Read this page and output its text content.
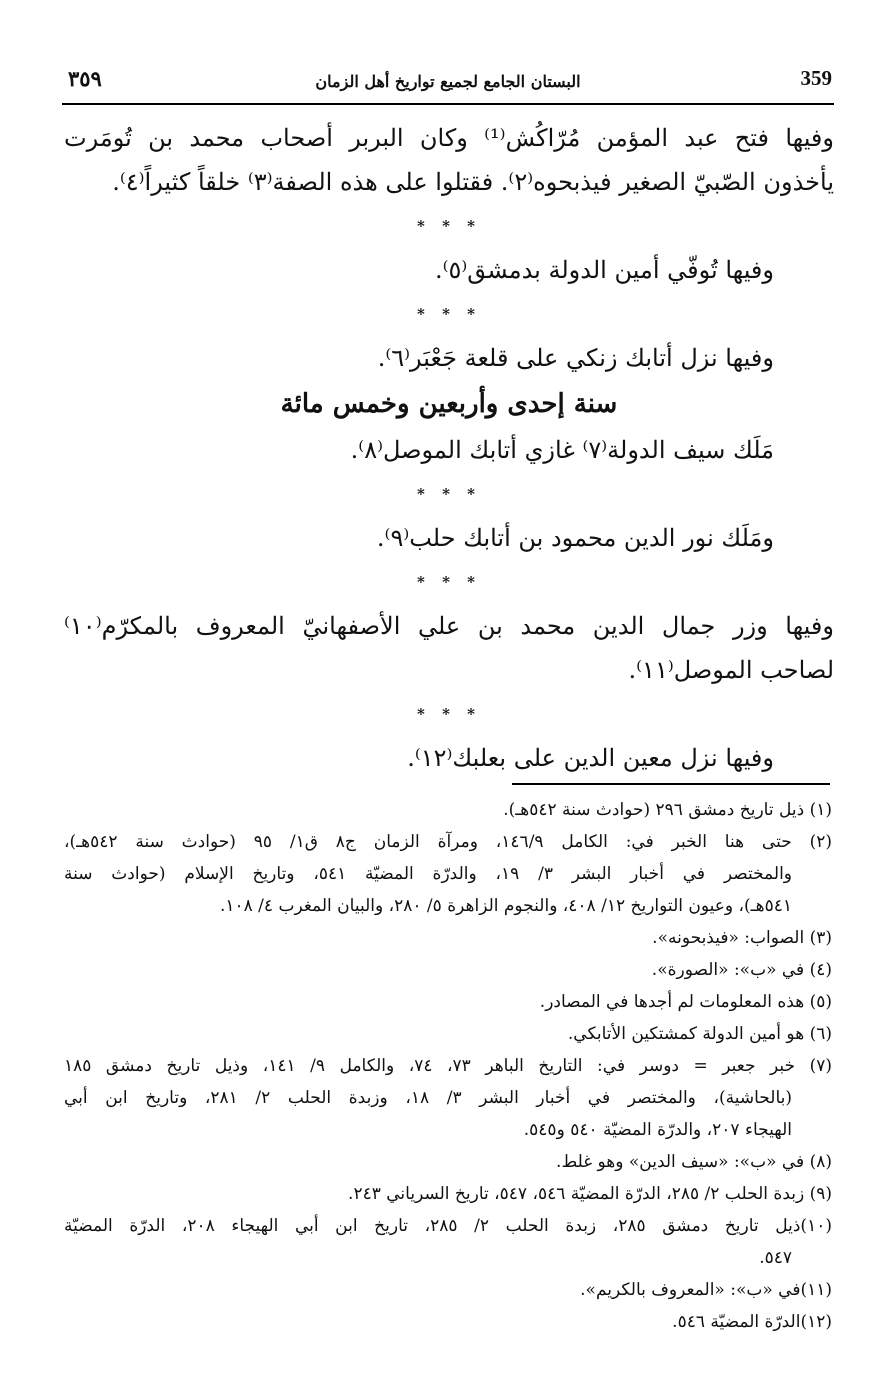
359
البستان الجامع لجميع تواريخ أهل الزمان
٣٥٩
وفيها فتح عبد المؤمن مُرّاكُش⁽¹⁾ وكان البربر أصحاب محمد بن تُومَرت
يأخذون الصّبيّ الصغير فيذبحوه⁽٢⁾. فقتلوا على هذه الصفة⁽٣⁾ خلقاً كثيراً⁽٤⁾.
* * *
وفيها تُوفّي أمين الدولة بدمشق⁽٥⁾.
* * *
وفيها نزل أتابك زنكي على قلعة جَعْبَر⁽٦⁾.
سنة إحدى وأربعين وخمس مائة
مَلَك سيف الدولة⁽٧⁾ غازي أتابك الموصل⁽٨⁾.
* * *
ومَلَك نور الدين محمود بن أتابك حلب⁽٩⁾.
* * *
وفيها وزر جمال الدين محمد بن علي الأصفهانيّ المعروف بالمكرّم⁽١٠⁾
لصاحب الموصل⁽١١⁾.
* * *
وفيها نزل معين الدين على بعلبك⁽١٢⁾.
(١) ذيل تاريخ دمشق ٢٩٦ (حوادث سنة ٥٤٢هـ).
(٢) حتى هنا الخبر في: الكامل ١٤٦/٩، ومرآة الزمان ج٨ ق١/ ٩٥ (حوادث سنة ٥٤٢هـ)،
والمختصر في أخبار البشر ٣/ ١٩، والدرّة المضيّة ٥٤١، وتاريخ الإسلام (حوادث سنة
٥٤١هـ)، وعيون التواريخ ١٢/ ٤٠٨، والنجوم الزاهرة ٥/ ٢٨٠، والبيان المغرب ٤/ ١٠٨.
(٣) الصواب: «فيذبحونه».
(٤) في «ب»: «الصورة».
(٥) هذه المعلومات لم أجدها في المصادر.
(٦) هو أمين الدولة كمشتكين الأتابكي.
(٧) خبر جعبر = دوسر في: التاريخ الباهر ٧٣، ٧٤، والكامل ٩/ ١٤١، وذيل تاريخ دمشق ١٨٥
(بالحاشية)، والمختصر في أخبار البشر ٣/ ١٨، وزبدة الحلب ٢/ ٢٨١، وتاريخ ابن أبي
الهيجاء ٢٠٧، والدرّة المضيّة ٥٤٠ و٥٤٥.
(٨) في «ب»: «سيف الدين» وهو غلط.
(٩) زبدة الحلب ٢/ ٢٨٥، الدرّة المضيّة ٥٤٦، ٥٤٧، تاريخ السرياني ٢٤٣.
(١٠)ذيل تاريخ دمشق ٢٨٥، زبدة الحلب ٢/ ٢٨٥، تاريخ ابن أبي الهيجاء ٢٠٨، الدرّة المضيّة
٥٤٧.
(١١)في «ب»: «المعروف بالكريم».
(١٢)الدرّة المضيّة ٥٤٦.
